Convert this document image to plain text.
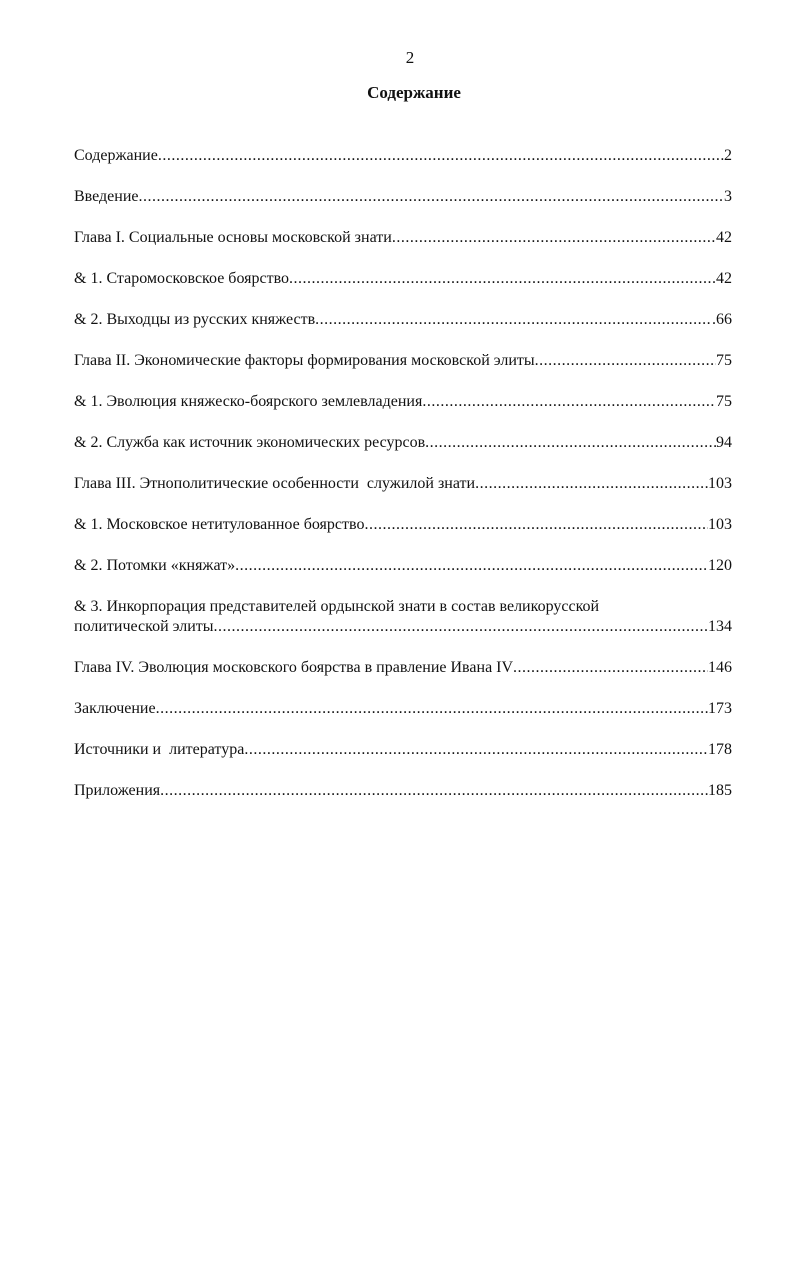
2
Содержание
Содержание .....	2
Введение .....	3
Глава I. Социальные основы московской знати .....	42
& 1. Старомосковское боярство .....	42
& 2. Выходцы из русских княжеств .....	.66
Глава II. Экономические факторы формирования московской элиты .....	75
& 1. Эволюция княжеско-боярского землевладения .....	75
& 2. Служба как источник экономических ресурсов .....	94
Глава III. Этнополитические особенности  служилой знати .....	103
& 1. Московское нетитулованное боярство .....	103
& 2. Потомки «княжат» .....	120
& 3. Инкорпорация представителей ордынской знати в состав великорусской
политической элиты .....	134
Глава IV. Эволюция московского боярства в правление Ивана IV .....	146
Заключение .....	173
Источники и  литература .....	178
Приложения .....	185
